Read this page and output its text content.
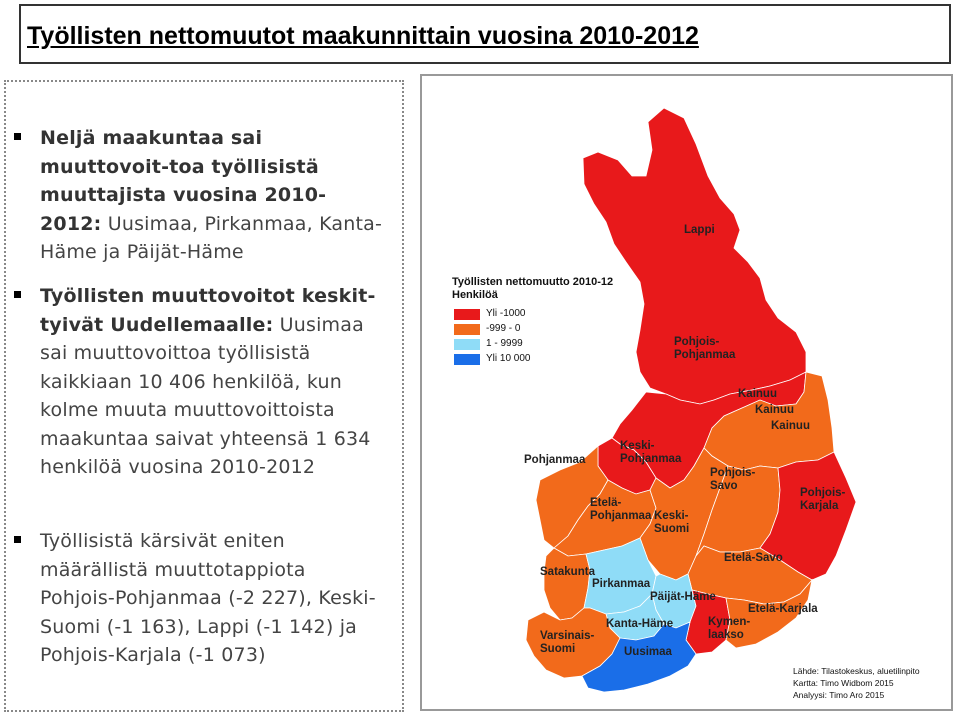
Työllisten nettomuutot maakunnittain vuosina 2010-2012
Neljä maakuntaa sai muuttovoit-toa työllisistä muuttajista vuosina 2010-2012: Uusimaa, Pirkanmaa, Kanta-Häme ja Päijät-Häme
Työllisten muuttovoitot keskit-tyivät Uudellemaalle: Uusimaa sai muuttovoittoa työllisistä kaikkiaan 10 406 henkilöä, kun kolme muuta muuttovoittoista maakuntaa saivat yhteensä 1 634 henkilöä vuosina 2010-2012
Työllisistä kärsivät eniten määrällistä muuttotappiota Pohjois-Pohjanmaa (-2 227), Keski-Suomi (-1 163), Lappi (-1 142) ja Pohjois-Karjala (-1 073)
Työllisten nettomuutto 2010-12
Henkilöä
Yli -1000
-999 - 0
1 - 9999
Yli 10 000
Lappi
Pohjois-
Pohjanmaa
Kainuu
Kainuu
Kainuu
Pohjanmaa
Keski-
Pohjanmaa
Pohjois-
Savo
Pohjois-
Karjala
Etelä-
Pohjanmaa Keski-
Suomi
Etelä-Savo
Satakunta
Pirkanmaa
Päijät-Häme
Etelä-Karjala
Kanta-Häme	Kymen-
laakso
Varsinais-
Suomi	Uusimaa
Lähde: Tilastokeskus, aluetilinpito
Kartta: Timo Widbom 2015
Analyysi: Timo Aro 2015
